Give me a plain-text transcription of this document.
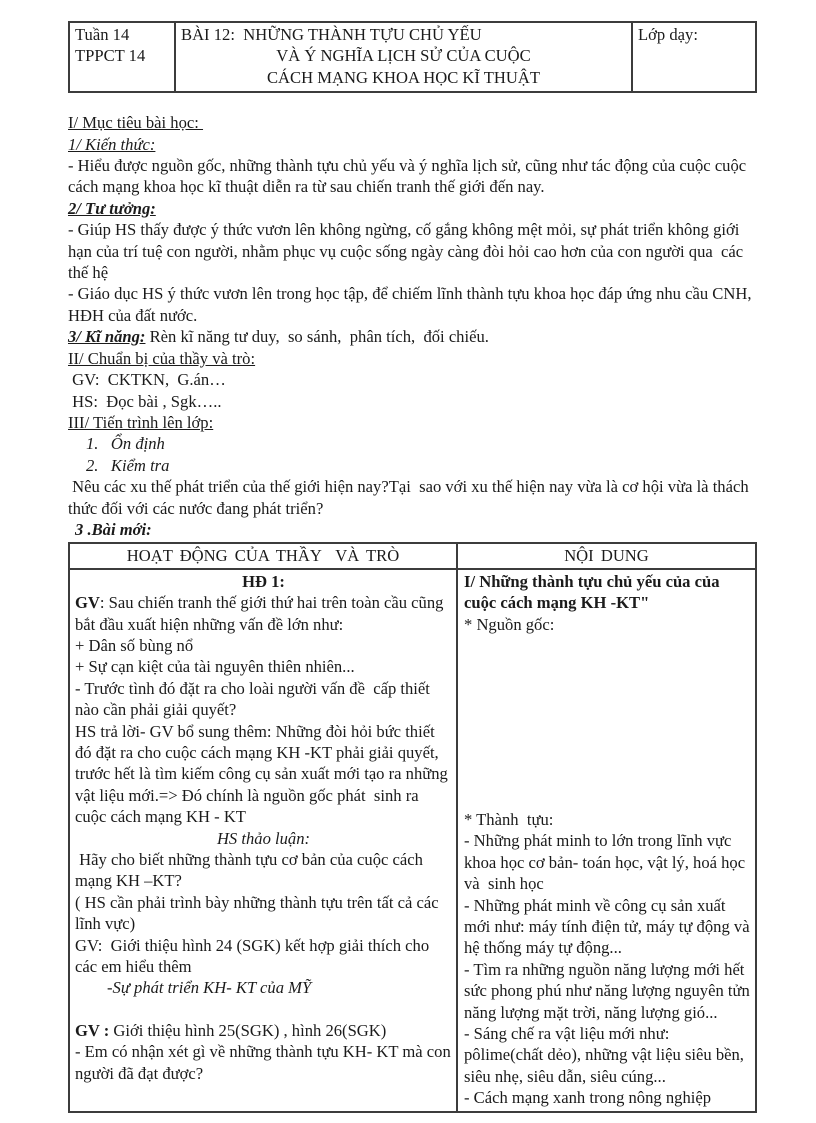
Tuần 14
TPPCT 14

BÀI 12:  NHỮNG THÀNH TỰU CHỦ YẾU
VÀ Ý NGHĨA LỊCH SỬ CỦA CUỘC
CÁCH MẠNG KHOA HỌC KĨ THUẬT

Lớp dạy:
I/ Mục tiêu bài học:
1/ Kiến thức:
- Hiểu được nguồn gốc, những thành tựu chủ yếu và ý nghĩa lịch sử, cũng như tác động của cuộc cuộc cách mạng khoa học kĩ thuật diễn ra từ sau chiến tranh thế giới đến nay.
2/ Tư tưởng:
- Giúp HS thấy được ý thức vươn lên không ngừng, cố gắng không mệt mỏi, sự phát triển không giới hạn của trí tuệ con người, nhằm phục vụ cuộc sống ngày càng đòi hỏi cao hơn của con người qua  các thế hệ
- Giáo dục HS ý thức vươn lên trong học tập, để chiếm lĩnh thành tựu khoa học đáp ứng nhu cầu CNH, HĐH của đất nước.
3/ Kĩ năng: Rèn kĩ năng tư duy,  so sánh,  phân tích,  đối chiếu.
II/ Chuẩn bị của thầy và trò:
GV:  CKTKN,  G.án…
HS:  Đọc bài , Sgk…..
III/ Tiến trình lên lớp:
1.   Ổn định
2.   Kiểm tra
Nêu các xu thế phát triển của thế giới hiện nay?Tại  sao với xu thế hiện nay vừa là cơ hội vừa là thách thức đối với các nước đang phát triển?
3 .Bài mới:
HOẠT ĐỘNG CỦA THẦY  VÀ TRÒ	NỘI DUNG

HĐ 1:
GV: Sau chiến tranh thế giới thứ hai trên toàn cầu cũng bắt đầu xuất hiện những vấn đề lớn như:
+ Dân số bùng nổ
+ Sự cạn kiệt của tài nguyên thiên nhiên...
- Trước tình đó đặt ra cho loài người vấn đề  cấp thiết nào cần phải giải quyết?
HS trả lời- GV bổ sung thêm: Những đòi hỏi bức thiết đó đặt ra cho cuộc cách mạng KH -KT phải giải quyết,  trước hết là tìm kiếm công cụ sản xuất mới tạo ra những vật liệu mới.=> Đó chính là nguồn gốc phát  sinh ra cuộc cách mạng KH - KT
HS thảo luận:
Hãy cho biết những thành tựu cơ bản của cuộc cách mạng KH –KT?
( HS cần phải trình bày những thành tựu trên tất cả các lĩnh vực)
GV:  Giới thiệu hình 24 (SGK) kết hợp giải thích cho các em hiểu thêm
-Sự phát triển KH- KT của MỸ
GV : Giới thiệu hình 25(SGK) , hình 26(SGK)
- Em có nhận xét gì về những thành tựu KH- KT mà con người đã đạt được?

I/ Những thành tựu chủ yếu của của cuộc cách mạng KH -KT"
* Nguồn gốc:
* Thành  tựu:
- Những phát minh to lớn trong lĩnh vực khoa học cơ bản- toán học, vật lý, hoá học và  sinh học
- Những phát minh về công cụ sản xuất mới như: máy tính điện tử, máy tự động và hệ thống máy tự động...
- Tìm ra những nguồn năng lượng mới hết sức phong phú như năng lượng nguyên tửn năng lượng mặt trời, năng lượng gió...
- Sáng chế ra vật liệu mới như: pôlime(chất dẻo), những vật liệu siêu bền, siêu nhẹ, siêu dẫn, siêu cúng...
- Cách mạng xanh trong nông nghiệp
